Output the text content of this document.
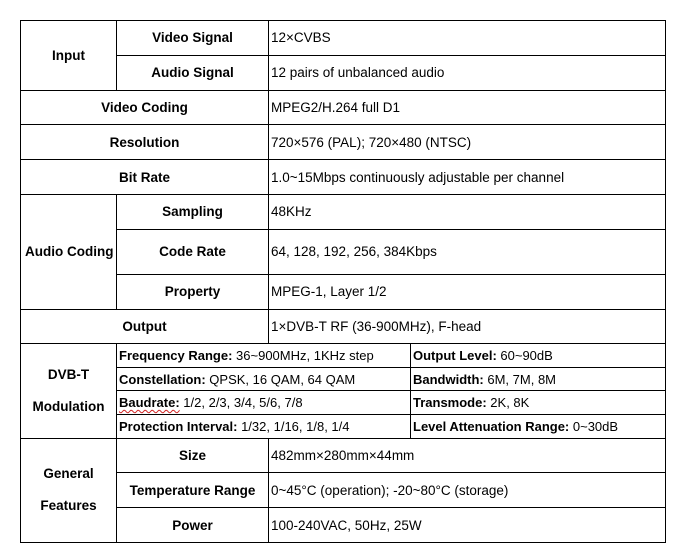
Input	Video Signal	12×CVBS	
	Audio Signal	12 pairs of unbalanced audio	
Video Coding		MPEG2/H.264 full D1	
Resolution		720×576 (PAL); 720×480 (NTSC)	
Bit Rate		1.0~15Mbps continuously adjustable per channel	
Audio Coding	Sampling	48KHz	
	Code Rate	64, 128, 192, 256, 384Kbps	
	Property	MPEG-1, Layer 1/2	
Output		1×DVB-T RF (36-900MHz), F-head	

DVB-T
Modulation	Frequency Range: 36~900MHz, 1KHz step		Output Level: 60~90dB
	Constellation: QPSK, 16 QAM, 64 QAM		Bandwidth: 6M, 7M, 8M
	Baudrate: 1/2, 2/3, 3/4, 5/6, 7/8		Transmode: 2K, 8K
	Protection Interval: 1/32, 1/16, 1/8, 1/4		Level Attenuation Range: 0~30dB

General
Features	Size	482mm×280mm×44mm	
	Temperature Range	0~45°C (operation); -20~80°C (storage)	
	Power	100-240VAC, 50Hz, 25W	
